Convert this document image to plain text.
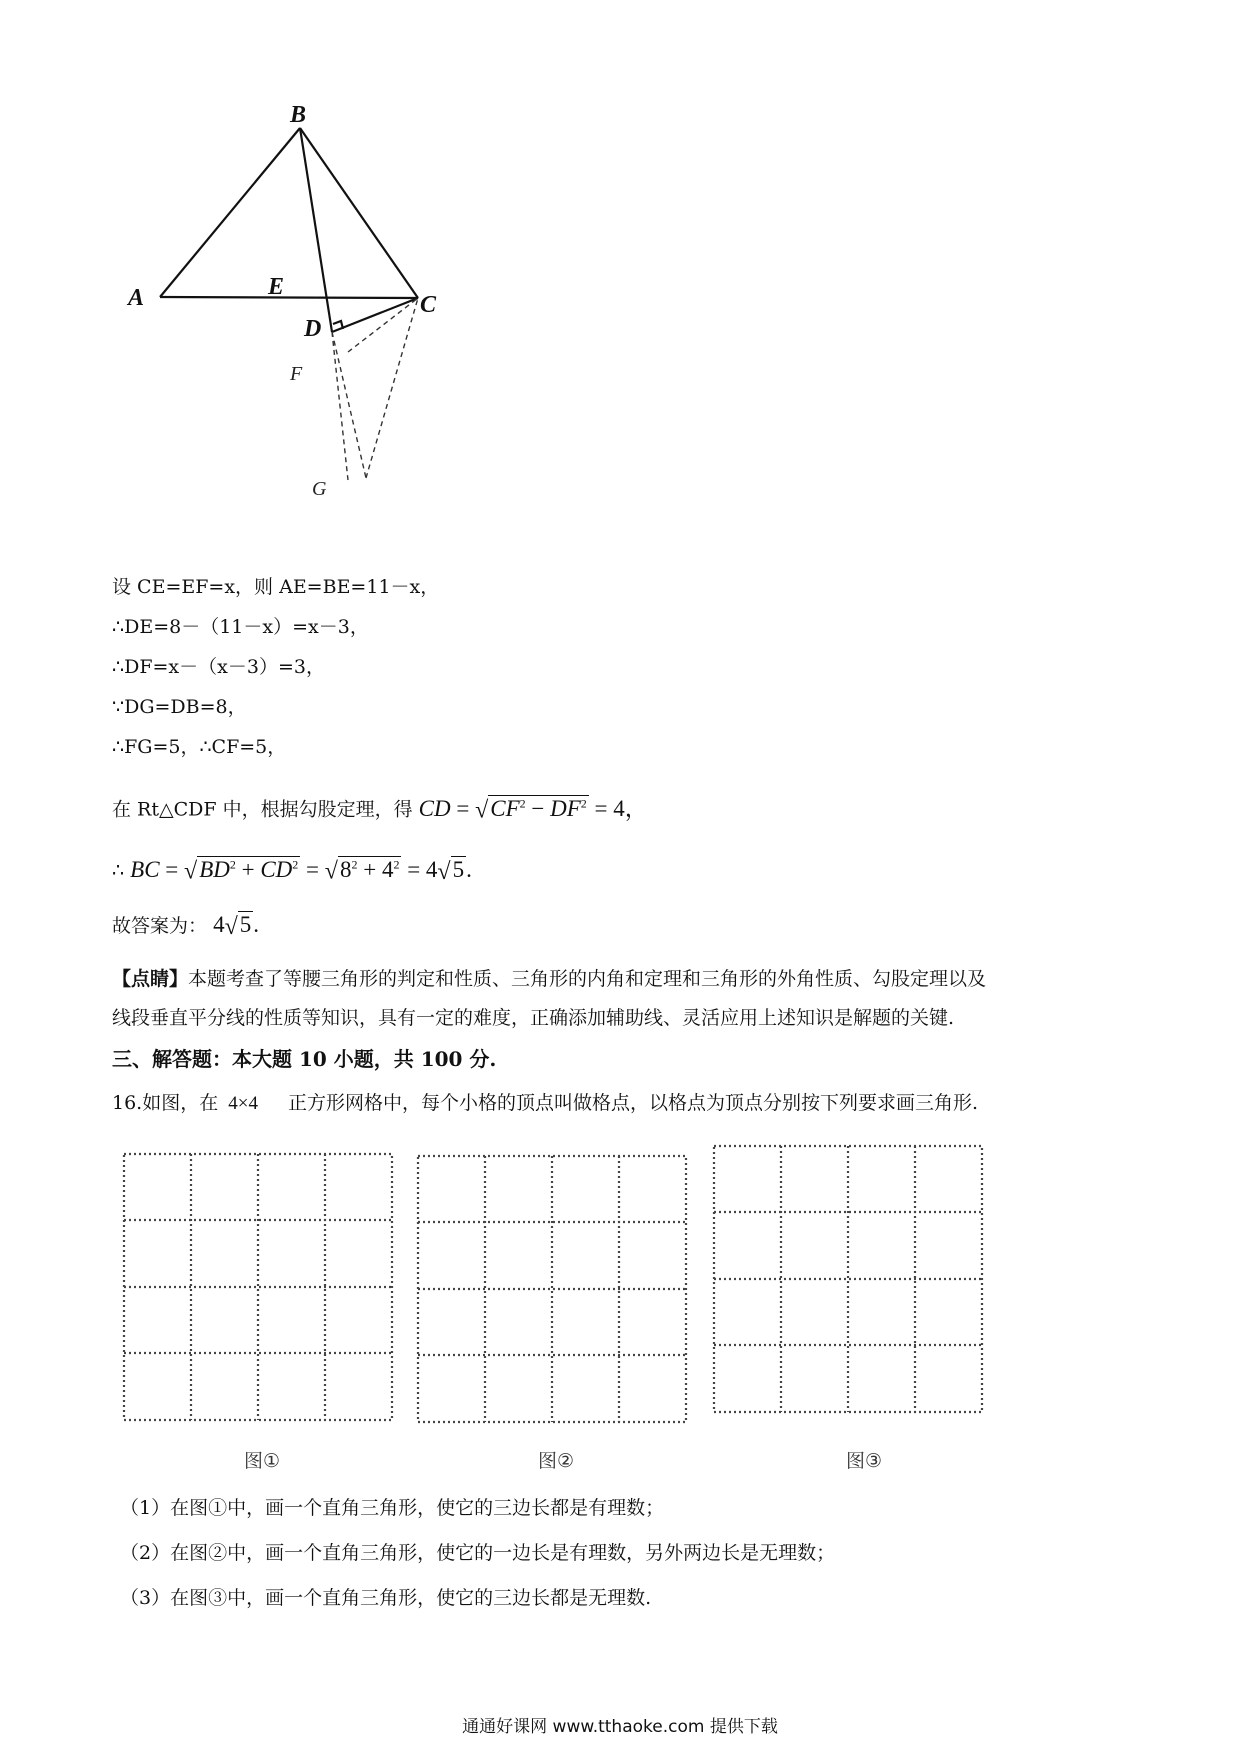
B
A	E
C
D
F
G
设 CE=EF=x，则 AE=BE=11－x，
∴DE=8－（11－x）=x－3，
∴DF=x－（x－3）=3，
∵DG=DB=8，
∴FG=5，∴CF=5，
在 Rt△CDF 中，根据勾股定理，得 CD = $√CF^2 - DF^2 = 4$，
∴ BC = $√BD^2 + CD^2 = √8^2 + 4^2 = 4√5$.
故答案为： 4√5.
【点睛】本题考查了等腰三角形的判定和性质、三角形的内角和定理和三角形的外角性质、勾股定理以及
线段垂直平分线的性质等知识，具有一定的难度，正确添加辅助线、灵活应用上述知识是解题的关键.
三、解答题：本大题 10 小题，共 100 分.
16.如图，在 4×4 正方形网格中，每个小格的顶点叫做格点，以格点为顶点分别按下列要求画三角形.
图①	图②	图③
（1）在图①中，画一个直角三角形，使它的三边长都是有理数；
（2）在图②中，画一个直角三角形，使它的一边长是有理数，另外两边长是无理数；
（3）在图③中，画一个直角三角形，使它的三边长都是无理数.
通通好课网 www.tthaoke.com 提供下载
